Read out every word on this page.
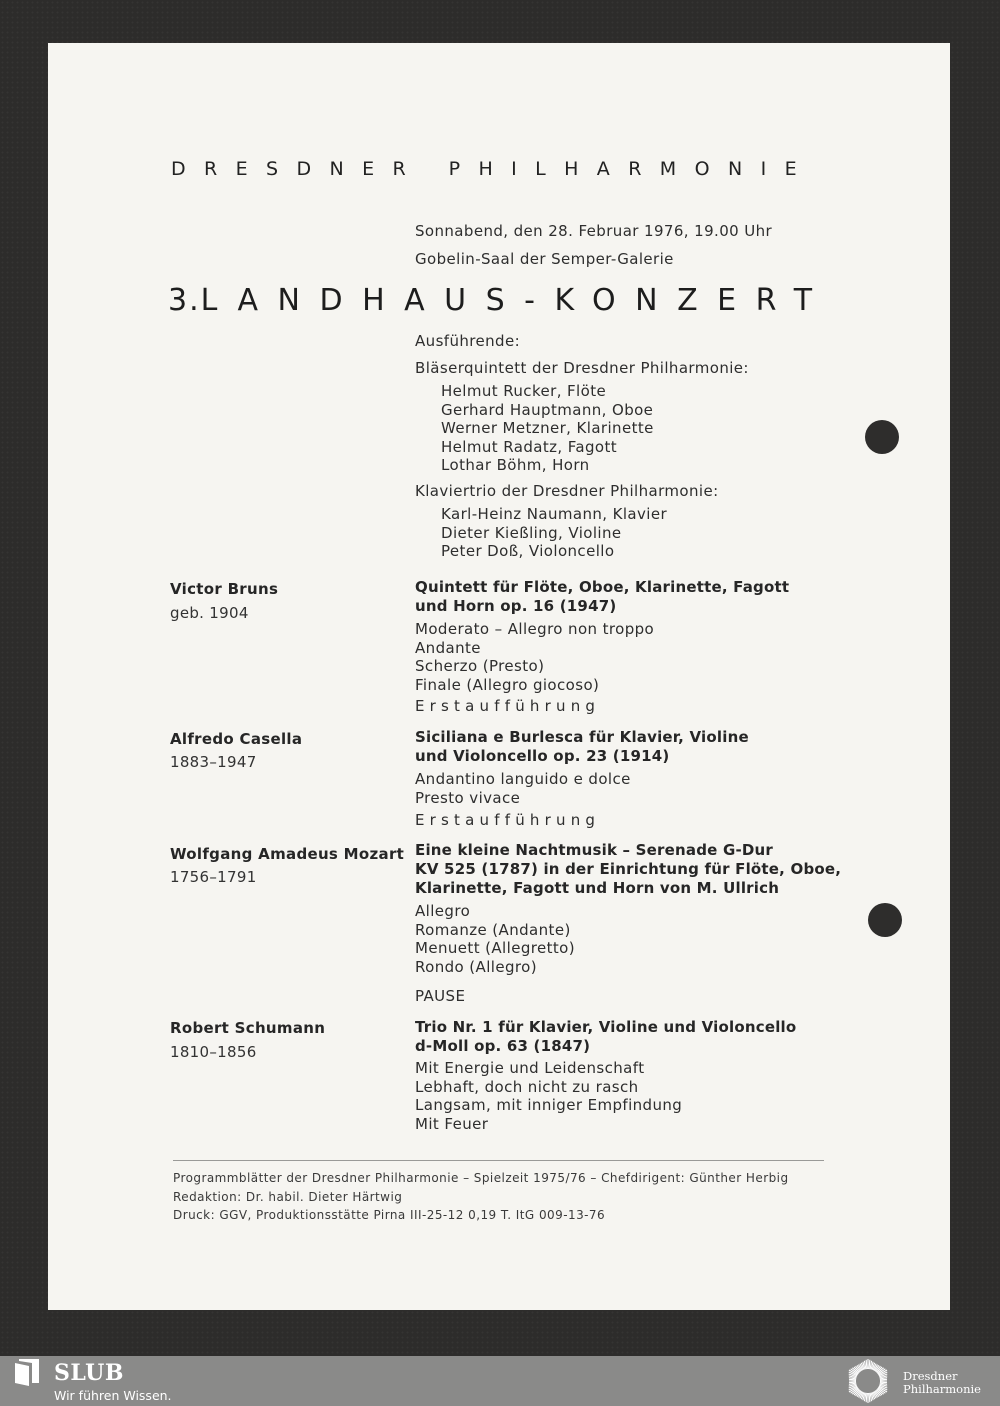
DRESDNER PHILHARMONIE
Sonnabend, den 28. Februar 1976, 19.00 Uhr
Gobelin-Saal der Semper-Galerie
3.LANDHAUS-KONZERT
Ausführende:
Bläserquintett der Dresdner Philharmonie:
Helmut Rucker, Flöte
Gerhard Hauptmann, Oboe
Werner Metzner, Klarinette
Helmut Radatz, Fagott
Lothar Böhm, Horn
Klaviertrio der Dresdner Philharmonie:
Karl-Heinz Naumann, Klavier
Dieter Kießling, Violine
Peter Doß, Violoncello
Victor Bruns
geb. 1904
Quintett für Flöte, Oboe, Klarinette, Fagott
und Horn op. 16 (1947)
Moderato – Allegro non troppo
Andante
Scherzo (Presto)
Finale (Allegro giocoso)
Erstaufführung
Alfredo Casella
1883–1947
Siciliana e Burlesca für Klavier, Violine
und Violoncello op. 23 (1914)
Andantino languido e dolce
Presto vivace
Erstaufführung
Wolfgang Amadeus Mozart
1756–1791
Eine kleine Nachtmusik – Serenade G-Dur
KV 525 (1787) in der Einrichtung für Flöte, Oboe,
Klarinette, Fagott und Horn von M. Ullrich
Allegro
Romanze (Andante)
Menuett (Allegretto)
Rondo (Allegro)
PAUSE
Robert Schumann
1810–1856
Trio Nr. 1 für Klavier, Violine und Violoncello
d-Moll op. 63 (1847)
Mit Energie und Leidenschaft
Lebhaft, doch nicht zu rasch
Langsam, mit inniger Empfindung
Mit Feuer
Programmblätter der Dresdner Philharmonie – Spielzeit 1975/76 – Chefdirigent: Günther Herbig
Redaktion: Dr. habil. Dieter Härtwig
Druck: GGV, Produktionsstätte Pirna III-25-12 0,19 T. ItG 009-13-76
SLUB
Wir führen Wissen.
Dresdner
Philharmonie
